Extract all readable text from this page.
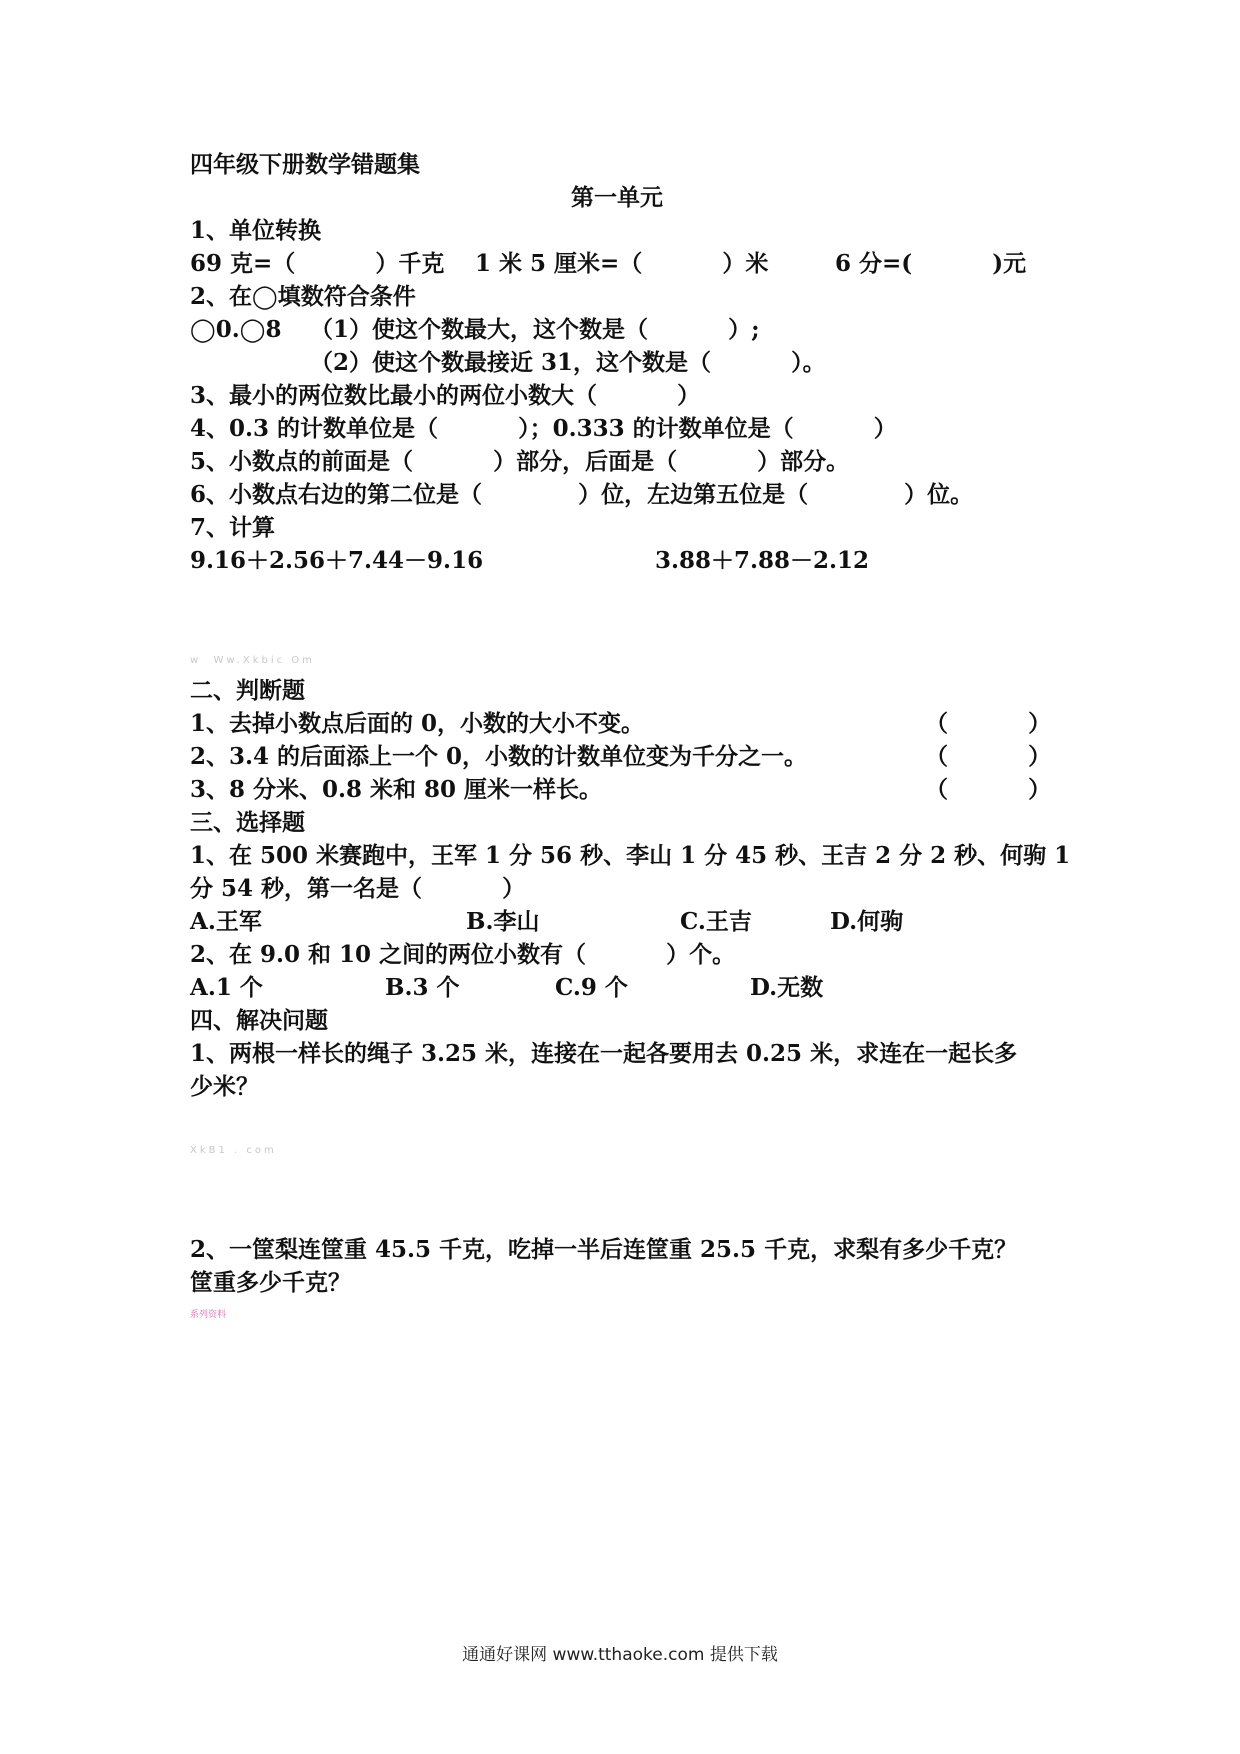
四年级下册数学错题集
第一单元
1、单位转换
69 克=（          ）千克 1 米 5 厘米=（          ）米	6 分=(          )元
2、在◯填数符合条件
◯0.◯8 （1）使这个数最大，这个数是（          ）;
（2）使这个数最接近 31，这个数是（          ）。
3、最小的两位数比最小的两位小数大（          ）
4、0.3 的计数单位是（          ）；0.333 的计数单位是（          ）
5、小数点的前面是（          ）部分，后面是（          ）部分。
6、小数点右边的第二位是（            ）位，左边第五位是（            ）位。
7、计算
9.16＋2.56＋7.44－9.16	3.88＋7.88－2.12
w  Ww.Xkbic Om
二、判断题
1、去掉小数点后面的 0，小数的大小不变。	（          ）
2、3.4 的后面添上一个 0，小数的计数单位变为千分之一。	（          ）
3、8 分米、0.8 米和 80 厘米一样长。	（          ）
三、选择题
1、在 500 米赛跑中，王军 1 分 56 秒、李山 1 分 45 秒、王吉 2 分 2 秒、何驹 1
分 54 秒，第一名是（          ）
A.王军	B.李山	C.王吉	D.何驹
2、在 9.0 和 10 之间的两位小数有（          ）个。
A.1 个	B.3 个	C.9 个	D.无数
四、解决问题
1、两根一样长的绳子 3.25 米，连接在一起各要用去 0.25 米，求连在一起长多
少米？
XkB1 . com
2、一筐梨连筐重 45.5 千克，吃掉一半后连筐重 25.5 千克，求梨有多少千克？
筐重多少千克？
系列资料
通通好课网 www.tthaoke.com 提供下载
